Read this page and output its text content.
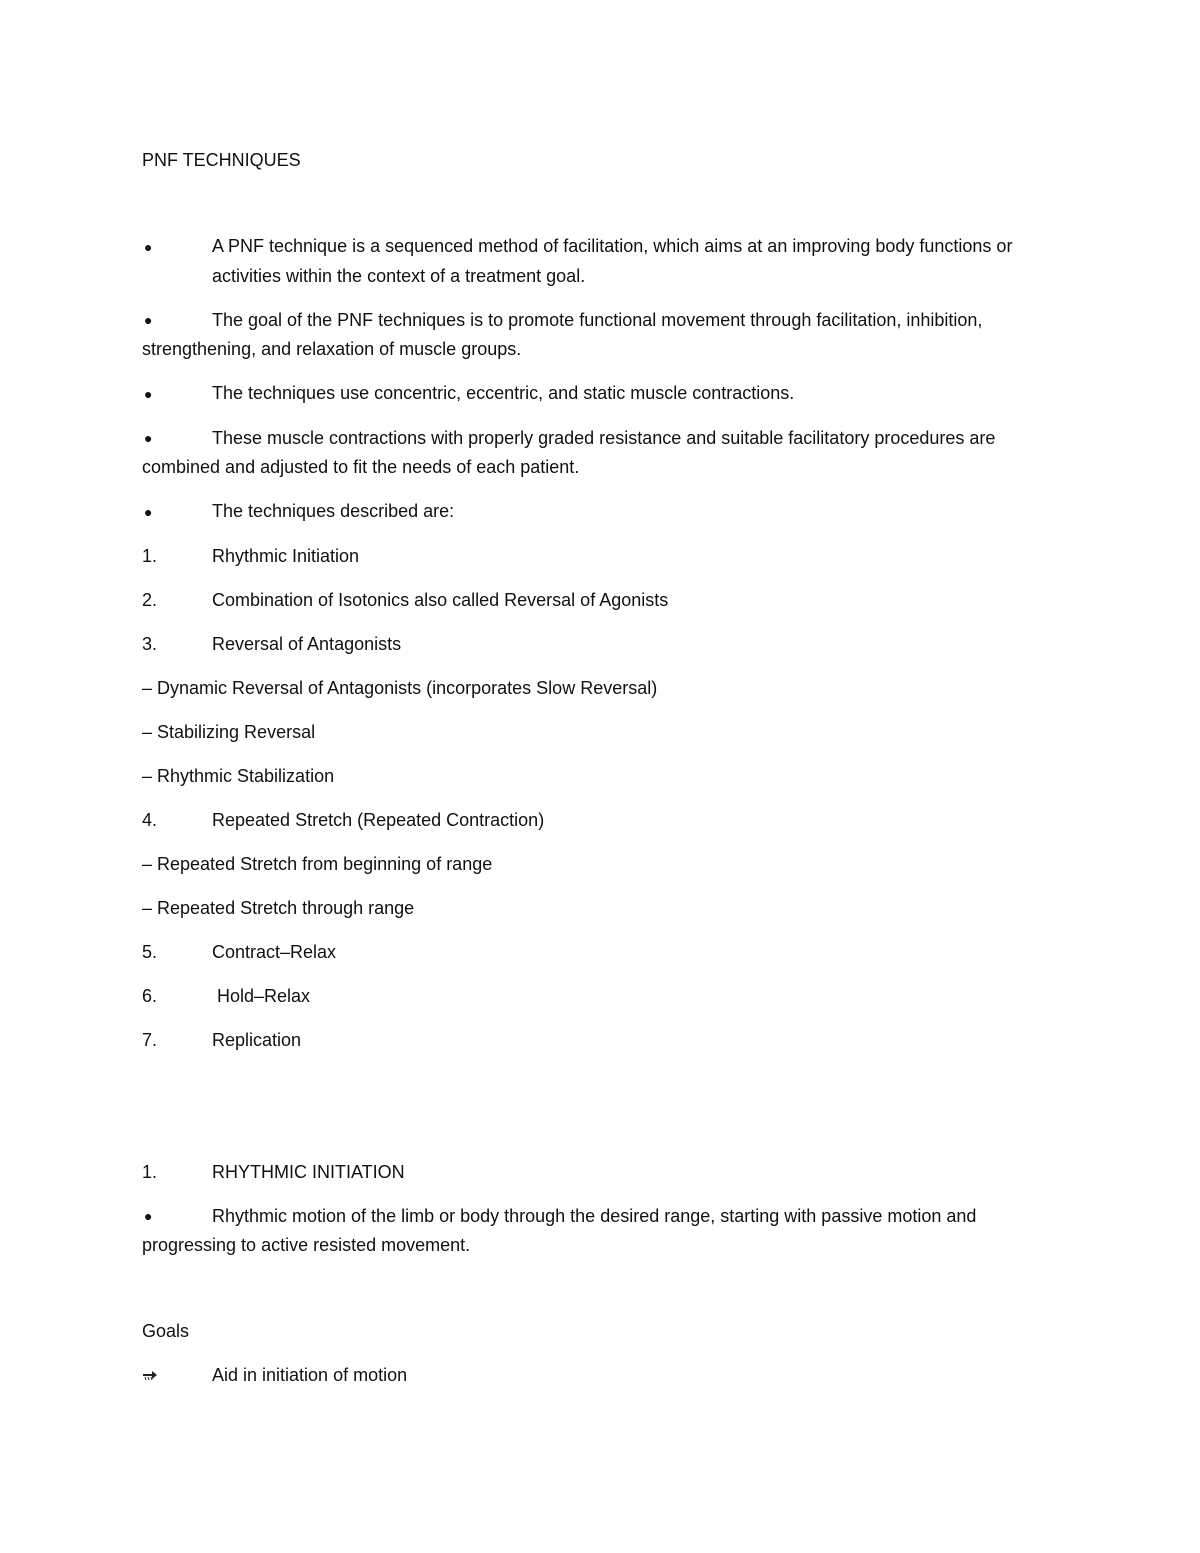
PNF TECHNIQUES
●	A PNF technique is a sequenced method of facilitation, which aims at an improving body functions or activities within the context of a treatment goal.
●	The goal of the PNF techniques is to promote functional movement through facilitation, inhibition, strengthening, and relaxation of muscle groups.
●	The techniques use concentric, eccentric, and static muscle contractions.
●	These muscle contractions with properly graded resistance and suitable facilitatory procedures are combined and adjusted to fit the needs of each patient.
●	The techniques described are:
1.	Rhythmic Initiation
2.	Combination of Isotonics also called Reversal of Agonists
3.	Reversal of Antagonists
– Dynamic Reversal of Antagonists (incorporates Slow Reversal)
– Stabilizing Reversal
– Rhythmic Stabilization
4.	Repeated Stretch (Repeated Contraction)
– Repeated Stretch from beginning of range
– Repeated Stretch through range
5.	Contract–Relax
6.	Hold–Relax
7.	Replication
1.	RHYTHMIC INITIATION
●	Rhythmic motion of the limb or body through the desired range, starting with passive motion and progressing to active resisted movement.
Goals
Aid in initiation of motion
